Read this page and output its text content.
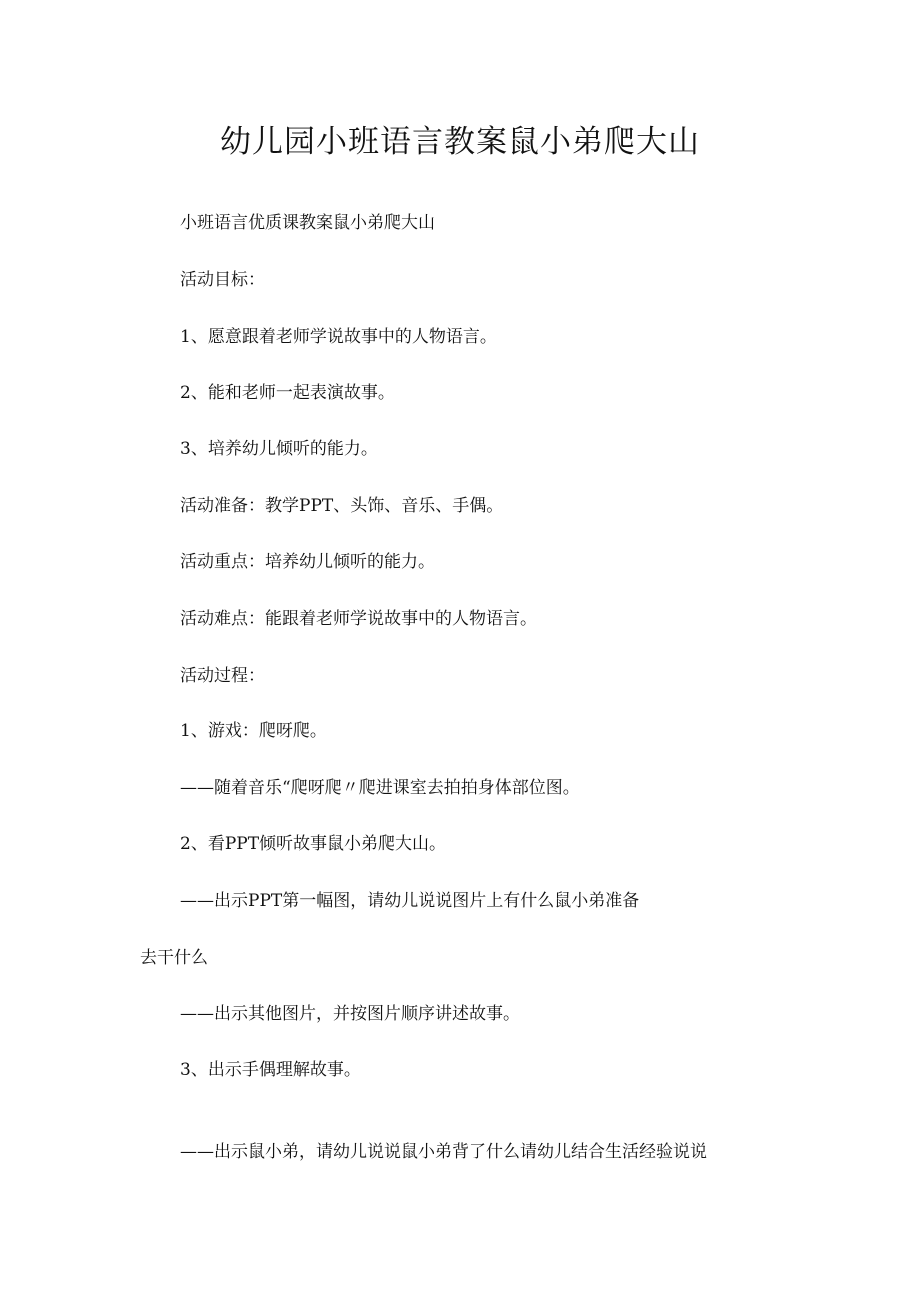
幼儿园小班语言教案鼠小弟爬大山
小班语言优质课教案鼠小弟爬大山
活动目标：
1、愿意跟着老师学说故事中的人物语言。
2、能和老师一起表演故事。
3、培养幼儿倾听的能力。
活动准备：教学PPT、头饰、音乐、手偶。
活动重点：培养幼儿倾听的能力。
活动难点：能跟着老师学说故事中的人物语言。
活动过程：
1、游戏：爬呀爬。
——随着音乐“爬呀爬〃爬进课室去拍拍身体部位图。
2、看PPT倾听故事鼠小弟爬大山。
——出示PPT第一幅图，请幼儿说说图片上有什么鼠小弟准备
去干什么
——出示其他图片，并按图片顺序讲述故事。
3、出示手偶理解故事。
——出示鼠小弟，请幼儿说说鼠小弟背了什么请幼儿结合生活经验说说
